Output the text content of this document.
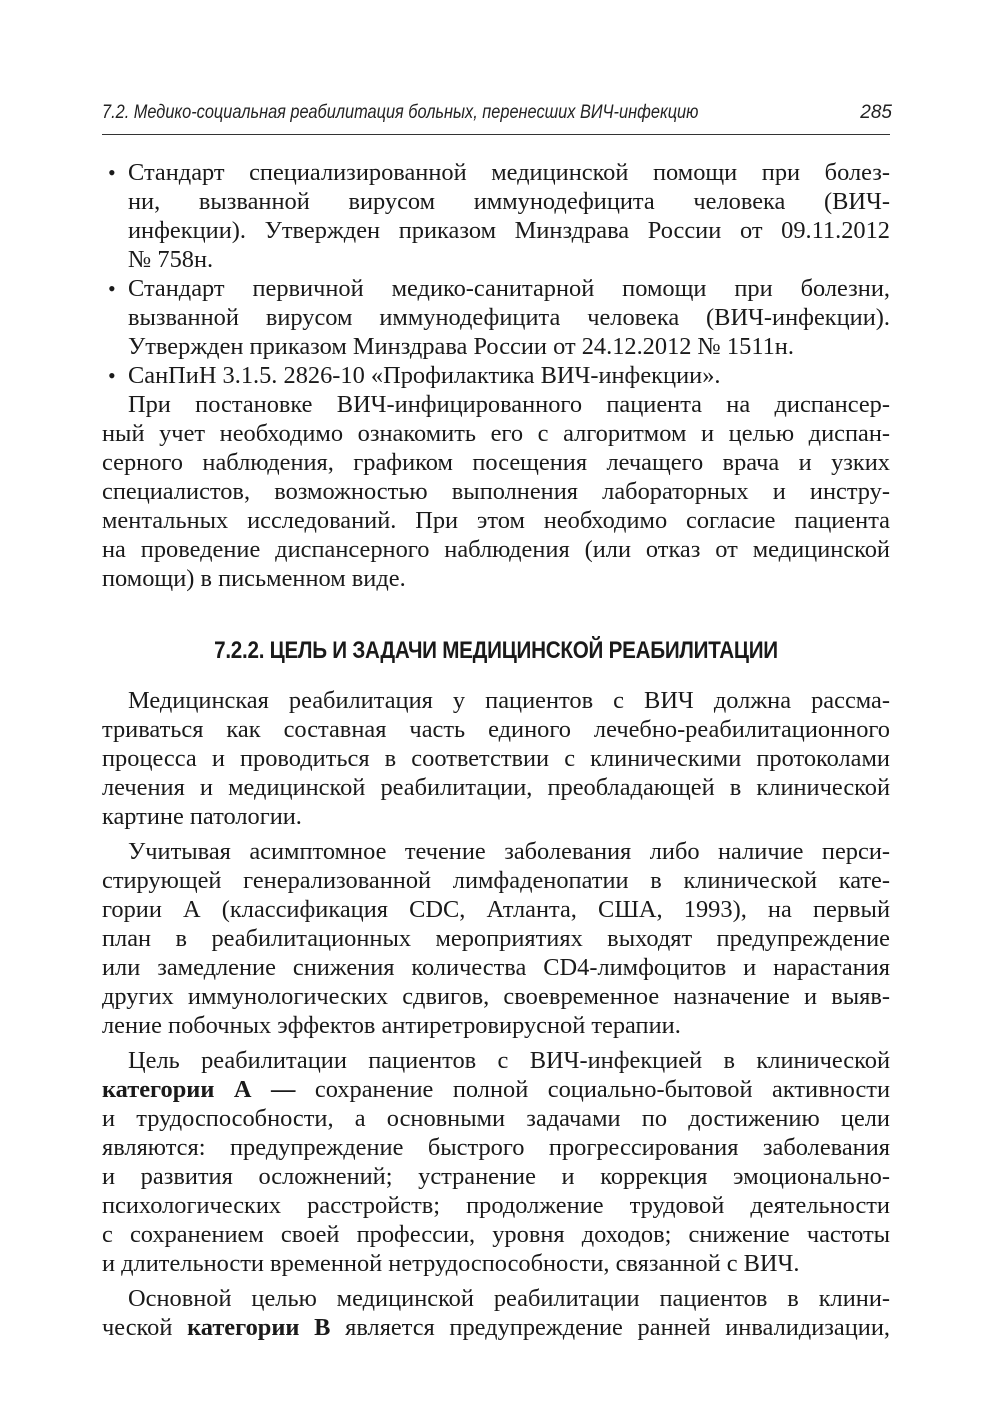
7.2. Медико-социальная реабилитация больных, перенесших ВИЧ-инфекцию	285
• Стандарт специализированной медицинской помощи при болез-

ни, вызванной вирусом иммунодефицита человека (ВИЧ-

инфекции). Утвержден приказом Минздрава России от 09.11.2012

№ 758н.

• Стандарт первичной медико-санитарной помощи при болезни,

вызванной вирусом иммунодефицита человека (ВИЧ-инфекции).

Утвержден приказом Минздрава России от 24.12.2012 № 1511н.

• СанПиН 3.1.5. 2826-10 «Профилактика ВИЧ-инфекции».

При постановке ВИЧ-инфицированного пациента на диспансер-

ный учет необходимо ознакомить его с алгоритмом и целью диспан-

серного наблюдения, графиком посещения лечащего врача и узких

специалистов, возможностью выполнения лабораторных и инстру-

ментальных исследований. При этом необходимо согласие пациента

на проведение диспансерного наблюдения (или отказ от медицинской

помощи) в письменном виде.

7.2.2. ЦЕЛЬ И ЗАДАЧИ МЕДИЦИНСКОЙ РЕАБИЛИТАЦИИ

Медицинская реабилитация у пациентов с ВИЧ должна рассма-

триваться как составная часть единого лечебно-реабилитационного

процесса и проводиться в соответствии с клиническими протоколами

лечения и медицинской реабилитации, преобладающей в клинической

картине патологии.

Учитывая асимптомное течение заболевания либо наличие перси-

стирующей генерализованной лимфаденопатии в клинической кате-

гории А (классификация CDC, Атланта, США, 1993), на первый

план в реабилитационных мероприятиях выходят предупреждение

или замедление снижения количества CD4-лимфоцитов и нарастания

других иммунологических сдвигов, своевременное назначение и выяв-

ление побочных эффектов антиретровирусной терапии.

Цель реабилитации пациентов с ВИЧ-инфекцией в клинической

категории А — сохранение полной социально-бытовой активности

и трудоспособности, а основными задачами по достижению цели

являются: предупреждение быстрого прогрессирования заболевания

и развития осложнений; устранение и коррекция эмоционально-

психологических расстройств; продолжение трудовой деятельности

с сохранением своей профессии, уровня доходов; снижение частоты

и длительности временной нетрудоспособности, связанной с ВИЧ.

Основной целью медицинской реабилитации пациентов в клини-

ческой категории В является предупреждение ранней инвалидизации,
